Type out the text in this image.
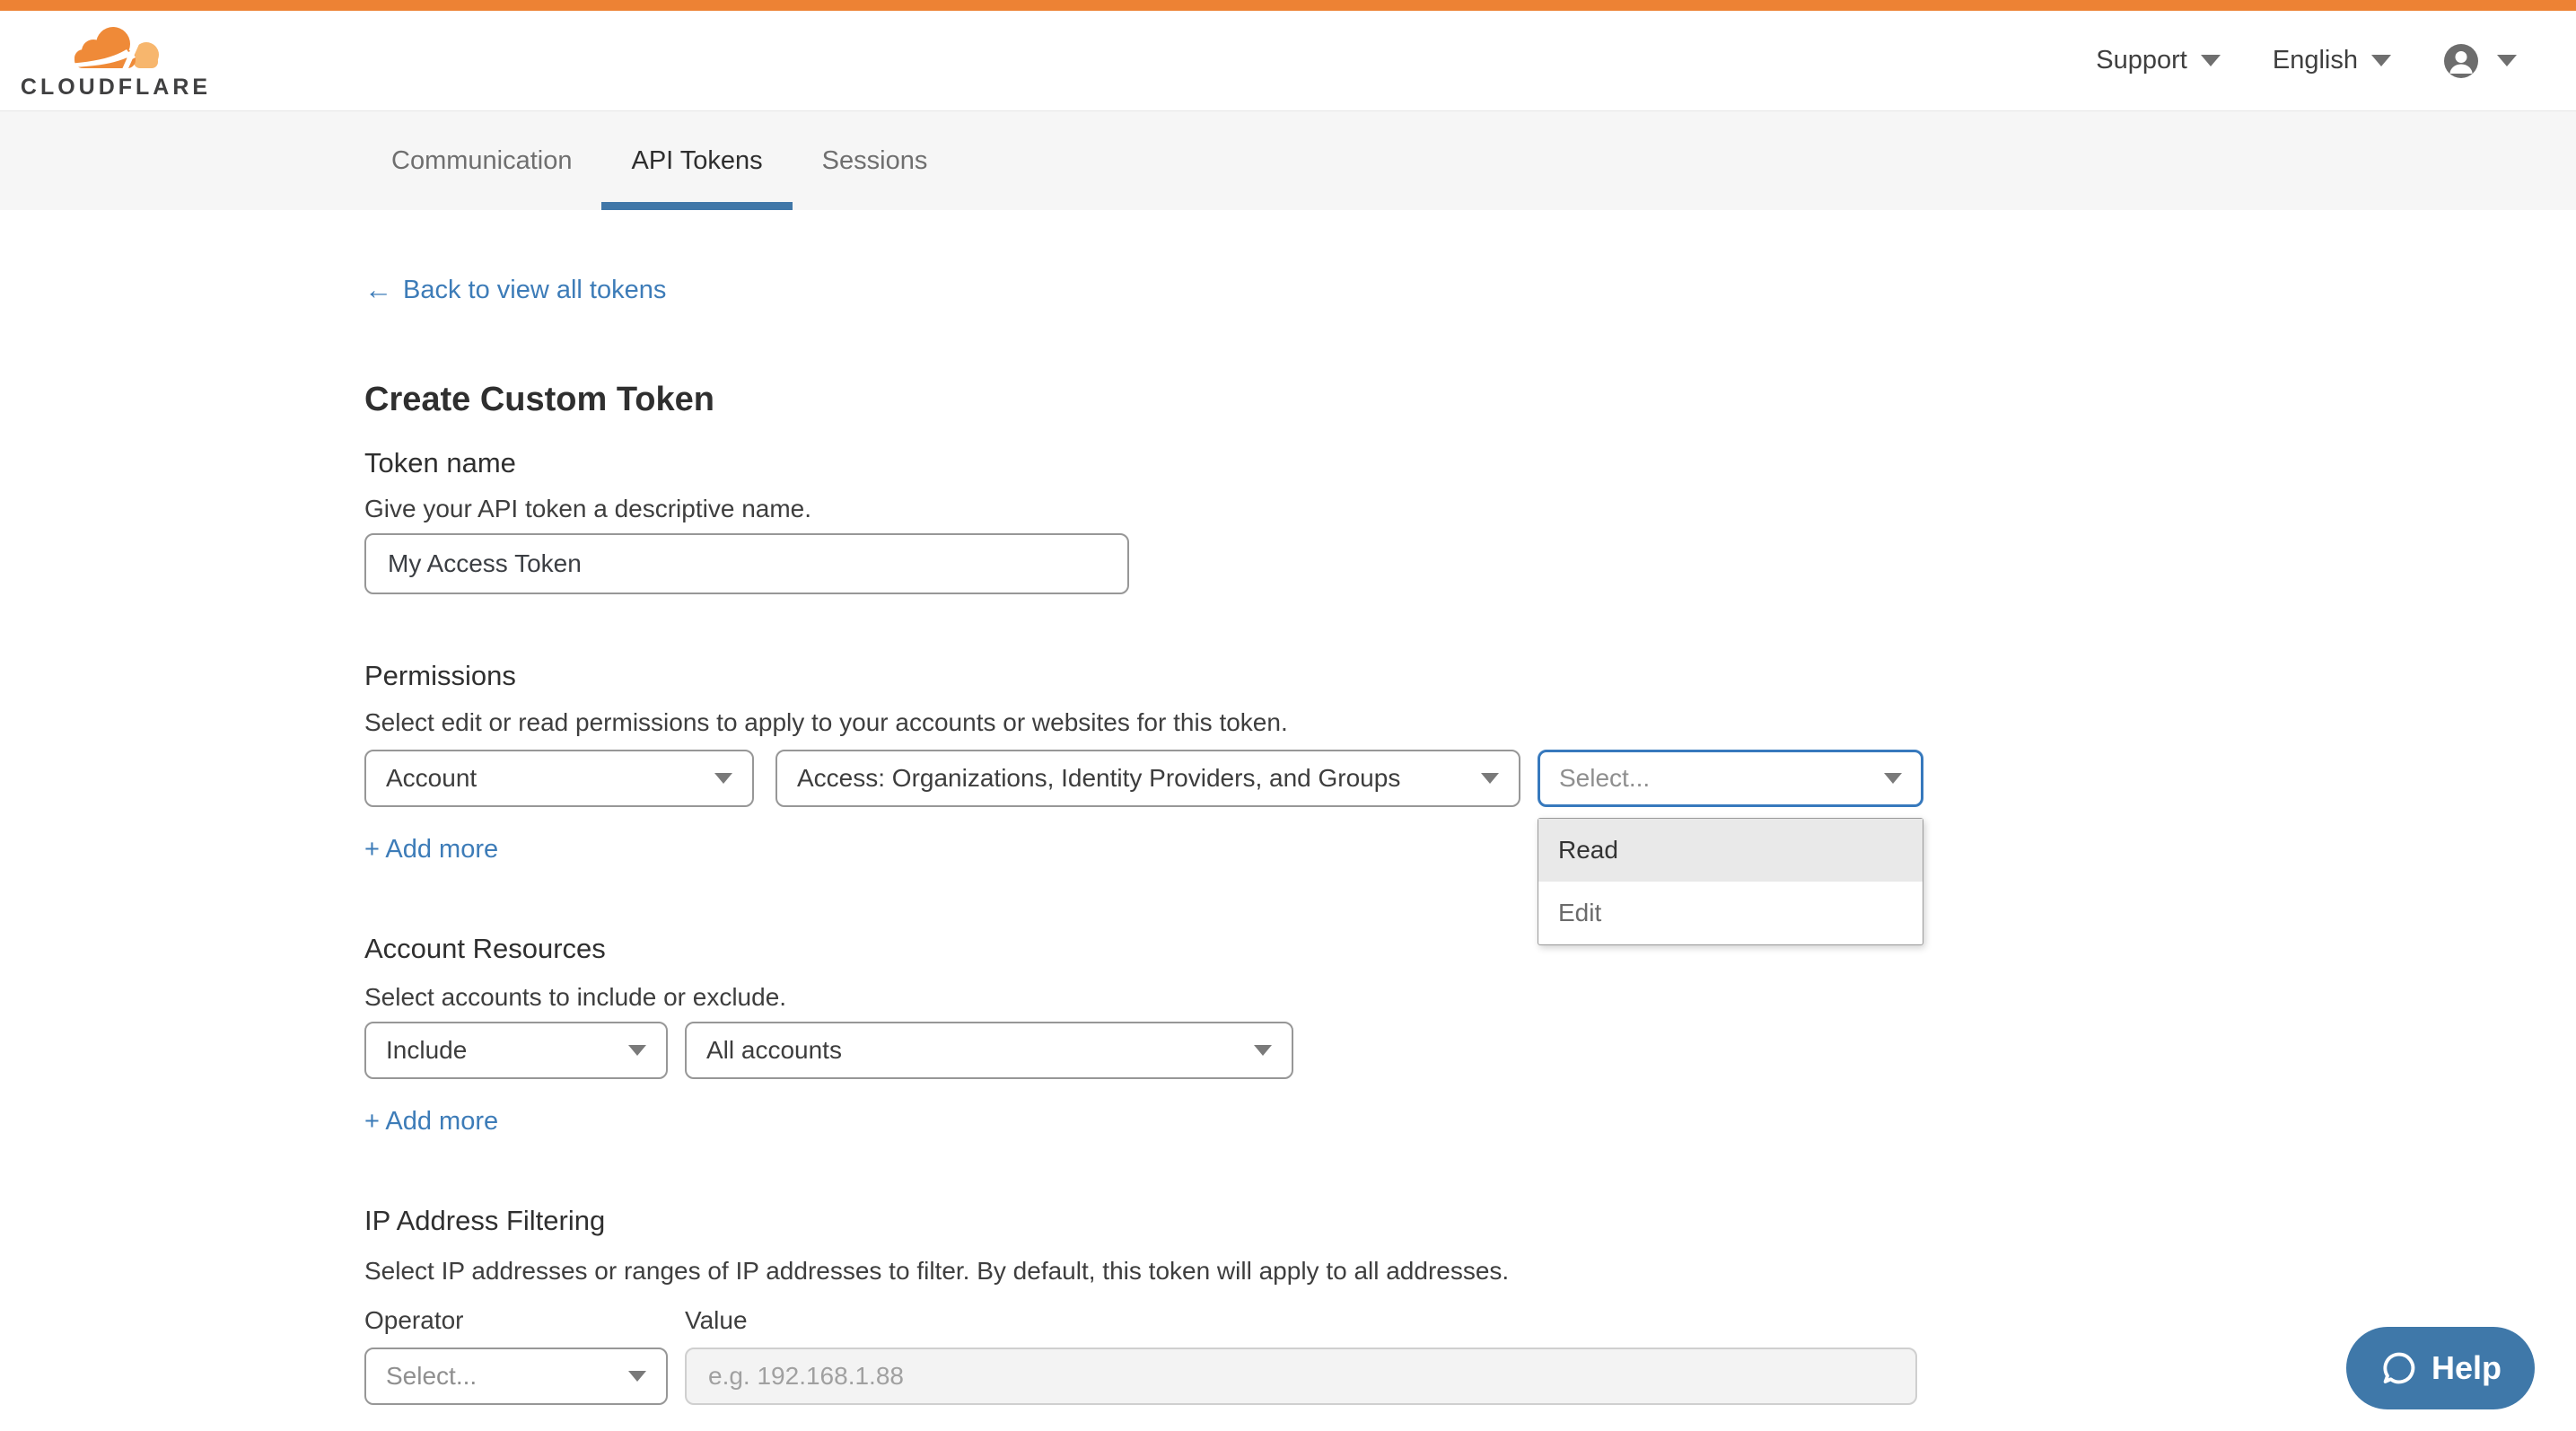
CLOUDFLARE
Support	English
Communication	API Tokens	Sessions
← Back to view all tokens
Create Custom Token
Token name

Give your API token a descriptive name.

My Access Token
Permissions

Select edit or read permissions to apply to your accounts or websites for this token.

Account	Access: Organizations, Identity Providers, and Groups	Select...
Read
Edit
+ Add more
Account Resources

Select accounts to include or exclude.

Include	All accounts
+ Add more
IP Address Filtering

Select IP addresses or ranges of IP addresses to filter. By default, this token will apply to all addresses.

Operator	Value
Select...
e.g. 192.168.1.88	Help
